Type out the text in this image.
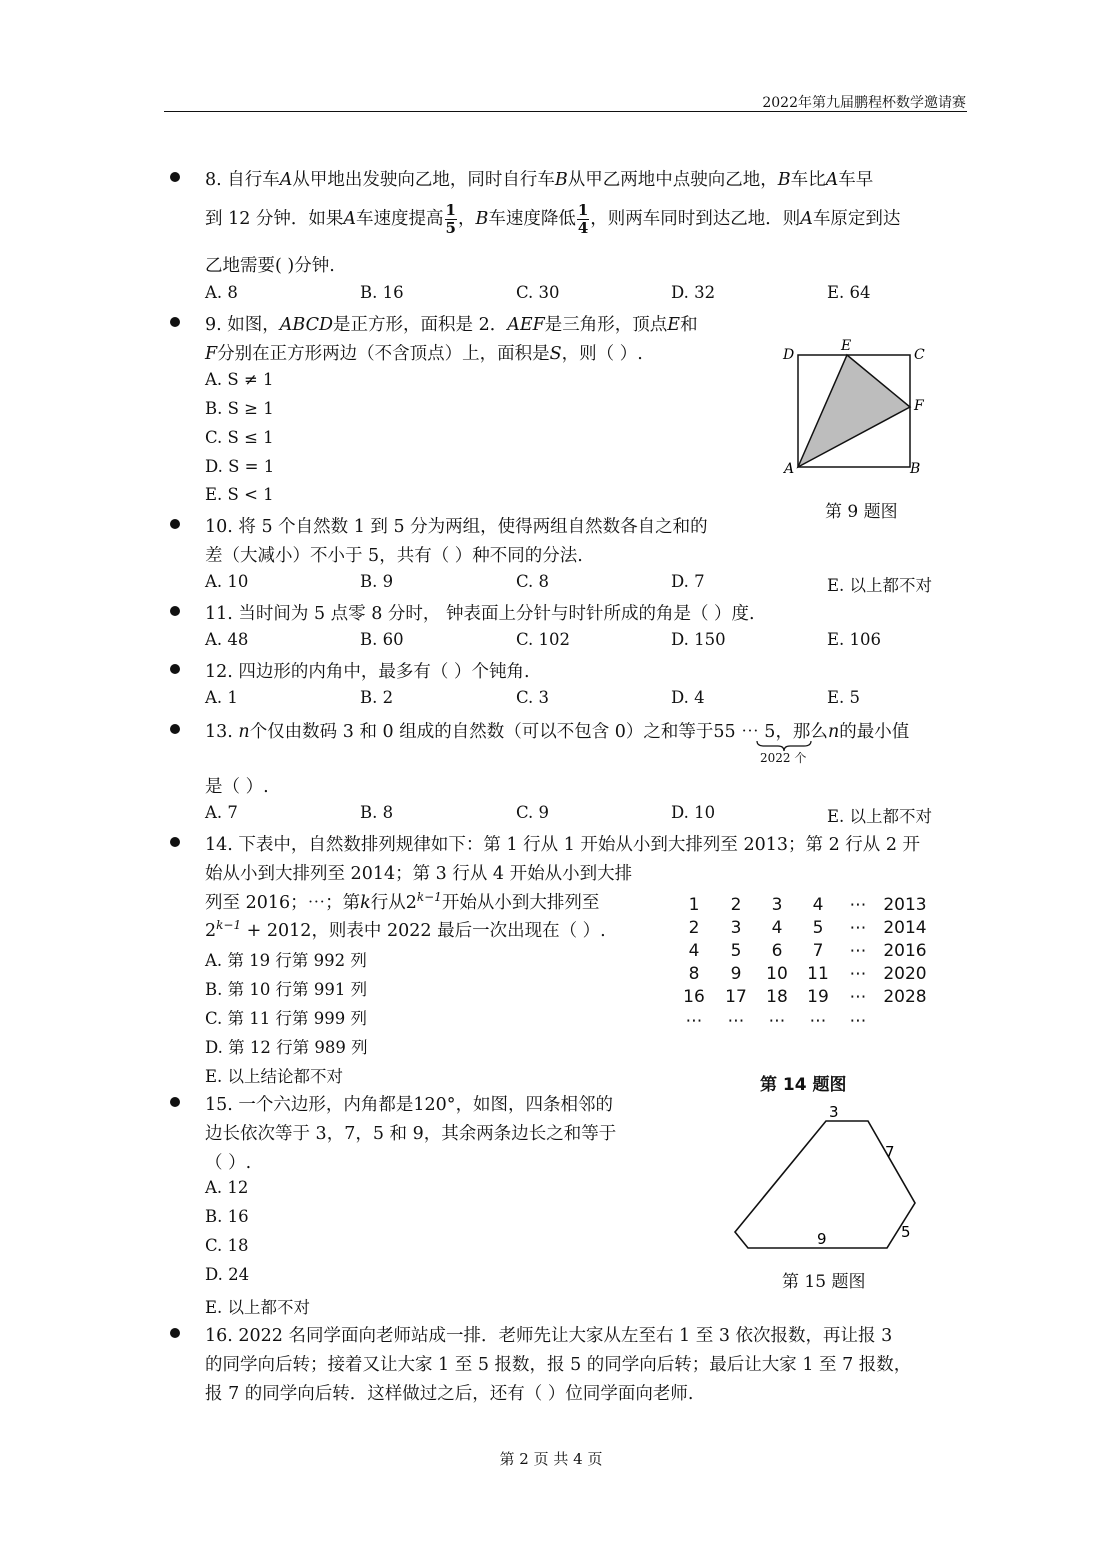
2022年第九届鹏程杯数学邀请赛
8. 自行车A从甲地出发驶向乙地，同时自行车B从甲乙两地中点驶向乙地，B车比A车早
到 12 分钟．如果A车速度提高 $\frac{1}{5}$ ，B车速度降低 $\frac{1}{4}$ ，则两车同时到达乙地．则A车原定到达
乙地需要( )分钟.
A. 8	B. 16	C. 30	D. 32	E. 64
9. 如图，ABCD是正方形，面积是 2．AEF是三角形，顶点E和
F分别在正方形两边（不含顶点）上，面积是S，则（ ）.
A. S ≠ 1
B. S ≥ 1
C. S ≤ 1
D. S = 1
E. S < 1
D
E
C
F
A	B
第 9 题图
10. 将 5 个自然数 1 到 5 分为两组，使得两组自然数各自之和的
差（大减小）不小于 5，共有（ ）种不同的分法.
A. 10	B. 9	C. 8	D. 7	E. 以上都不对
11. 当时间为 5 点零 8 分时， 钟表面上分针与时针所成的角是（ ）度.
A. 48	B. 60	C. 102	D. 150	E. 106
12. 四边形的内角中，最多有（ ）个钝角.
A. 1	B. 2	C. 3	D. 4	E. 5
13. n个仅由数码 3 和 0 组成的自然数（可以不包含 0）之和等于55 ⋯ 5，那么n的最小值
2022 个
是（ ）.
A. 7	B. 8	C. 9	D. 10	E. 以上都不对
14. 下表中，自然数排列规律如下：第 1 行从 1 开始从小到大排列至 2013；第 2 行从 2 开
始从小到大排列至 2014；第 3 行从 4 开始从小到大排
列至 2016；⋯；第k行从$2^{k-1}$开始从小到大排列至
$2^{k-1} + 2012$，则表中 2022 最后一次出现在（ ）.
A. 第 19 行第 992 列
B. 第 10 行第 991 列
C. 第 11 行第 999 列
D. 第 12 行第 989 列
E. 以上结论都不对
1	2	3	4	⋯ 2013
2	3	4	5	⋯ 2014
4	5	6	7	⋯ 2016
8	9	10 11 ⋯ 2020
16 17 18 19 ⋯ 2028
⋯	⋯	⋯	⋯	⋯
第 14 题图
15. 一个六边形，内角都是120°，如图，四条相邻的
边长依次等于 3，7，5 和 9，其余两条边长之和等于
（ ）.
A. 12
B. 16
C. 18
D. 24
E. 以上都不对
3
7
5
9
第 15 题图
16. 2022 名同学面向老师站成一排．老师先让大家从左至右 1 至 3 依次报数，再让报 3
的同学向后转；接着又让大家 1 至 5 报数，报 5 的同学向后转；最后让大家 1 至 7 报数，
报 7 的同学向后转．这样做过之后，还有（ ）位同学面向老师.
第 2 页 共 4 页
